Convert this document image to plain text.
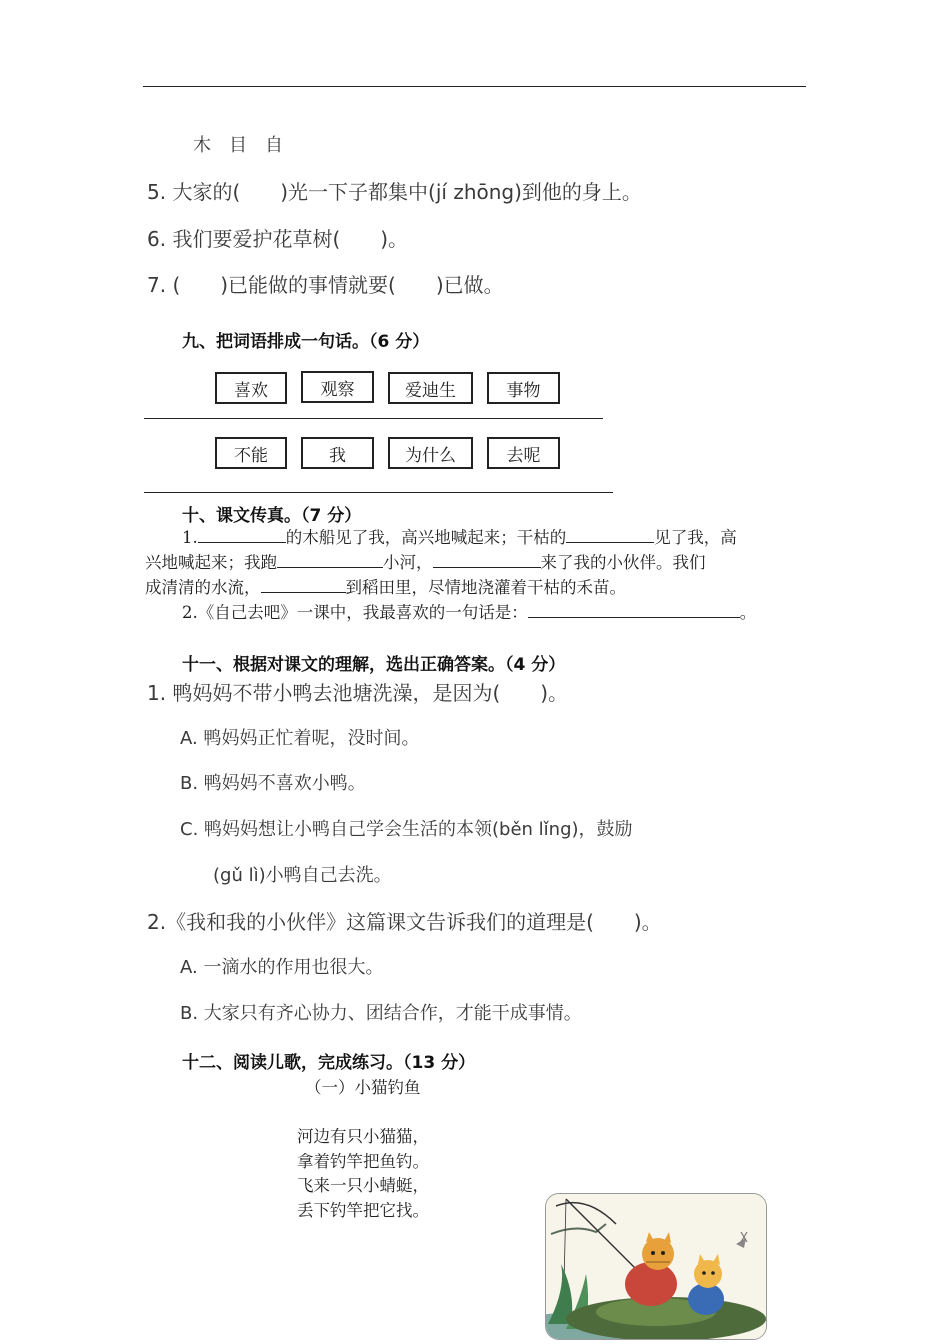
木　目　自
5. 大家的(　　)光一下子都集中(jí zhōng)到他的身上。
6. 我们要爱护花草树(　　)。
7. (　　)已能做的事情就要(　　)已做。
九、把词语排成一句话。（6 分）
喜欢	观察	爱迪生	事物
不能	我	为什么	去呢
十、课文传真。（7 分）
1.	的木船见了我，高兴地喊起来；干枯的	见了我，高
兴地喊起来；我跑	小河，	来了我的小伙伴。我们
成清清的水流，	到稻田里，尽情地浇灌着干枯的禾苗。
2.《自己去吧》一课中，我最喜欢的一句话是：	。
十一、根据对课文的理解，选出正确答案。（4 分）
1. 鸭妈妈不带小鸭去池塘洗澡，是因为(　　)。
A. 鸭妈妈正忙着呢，没时间。
B. 鸭妈妈不喜欢小鸭。
C. 鸭妈妈想让小鸭自己学会生活的本领(běn lǐng)，鼓励
(gǔ lì)小鸭自己去洗。
2.《我和我的小伙伴》这篇课文告诉我们的道理是(　　)。
A. 一滴水的作用也很大。
B. 大家只有齐心协力、团结合作，才能干成事情。
十二、阅读儿歌，完成练习。（13 分）
（一）小猫钓鱼
河边有只小猫猫，
拿着钓竿把鱼钓。
飞来一只小蜻蜓，
丢下钓竿把它找。
